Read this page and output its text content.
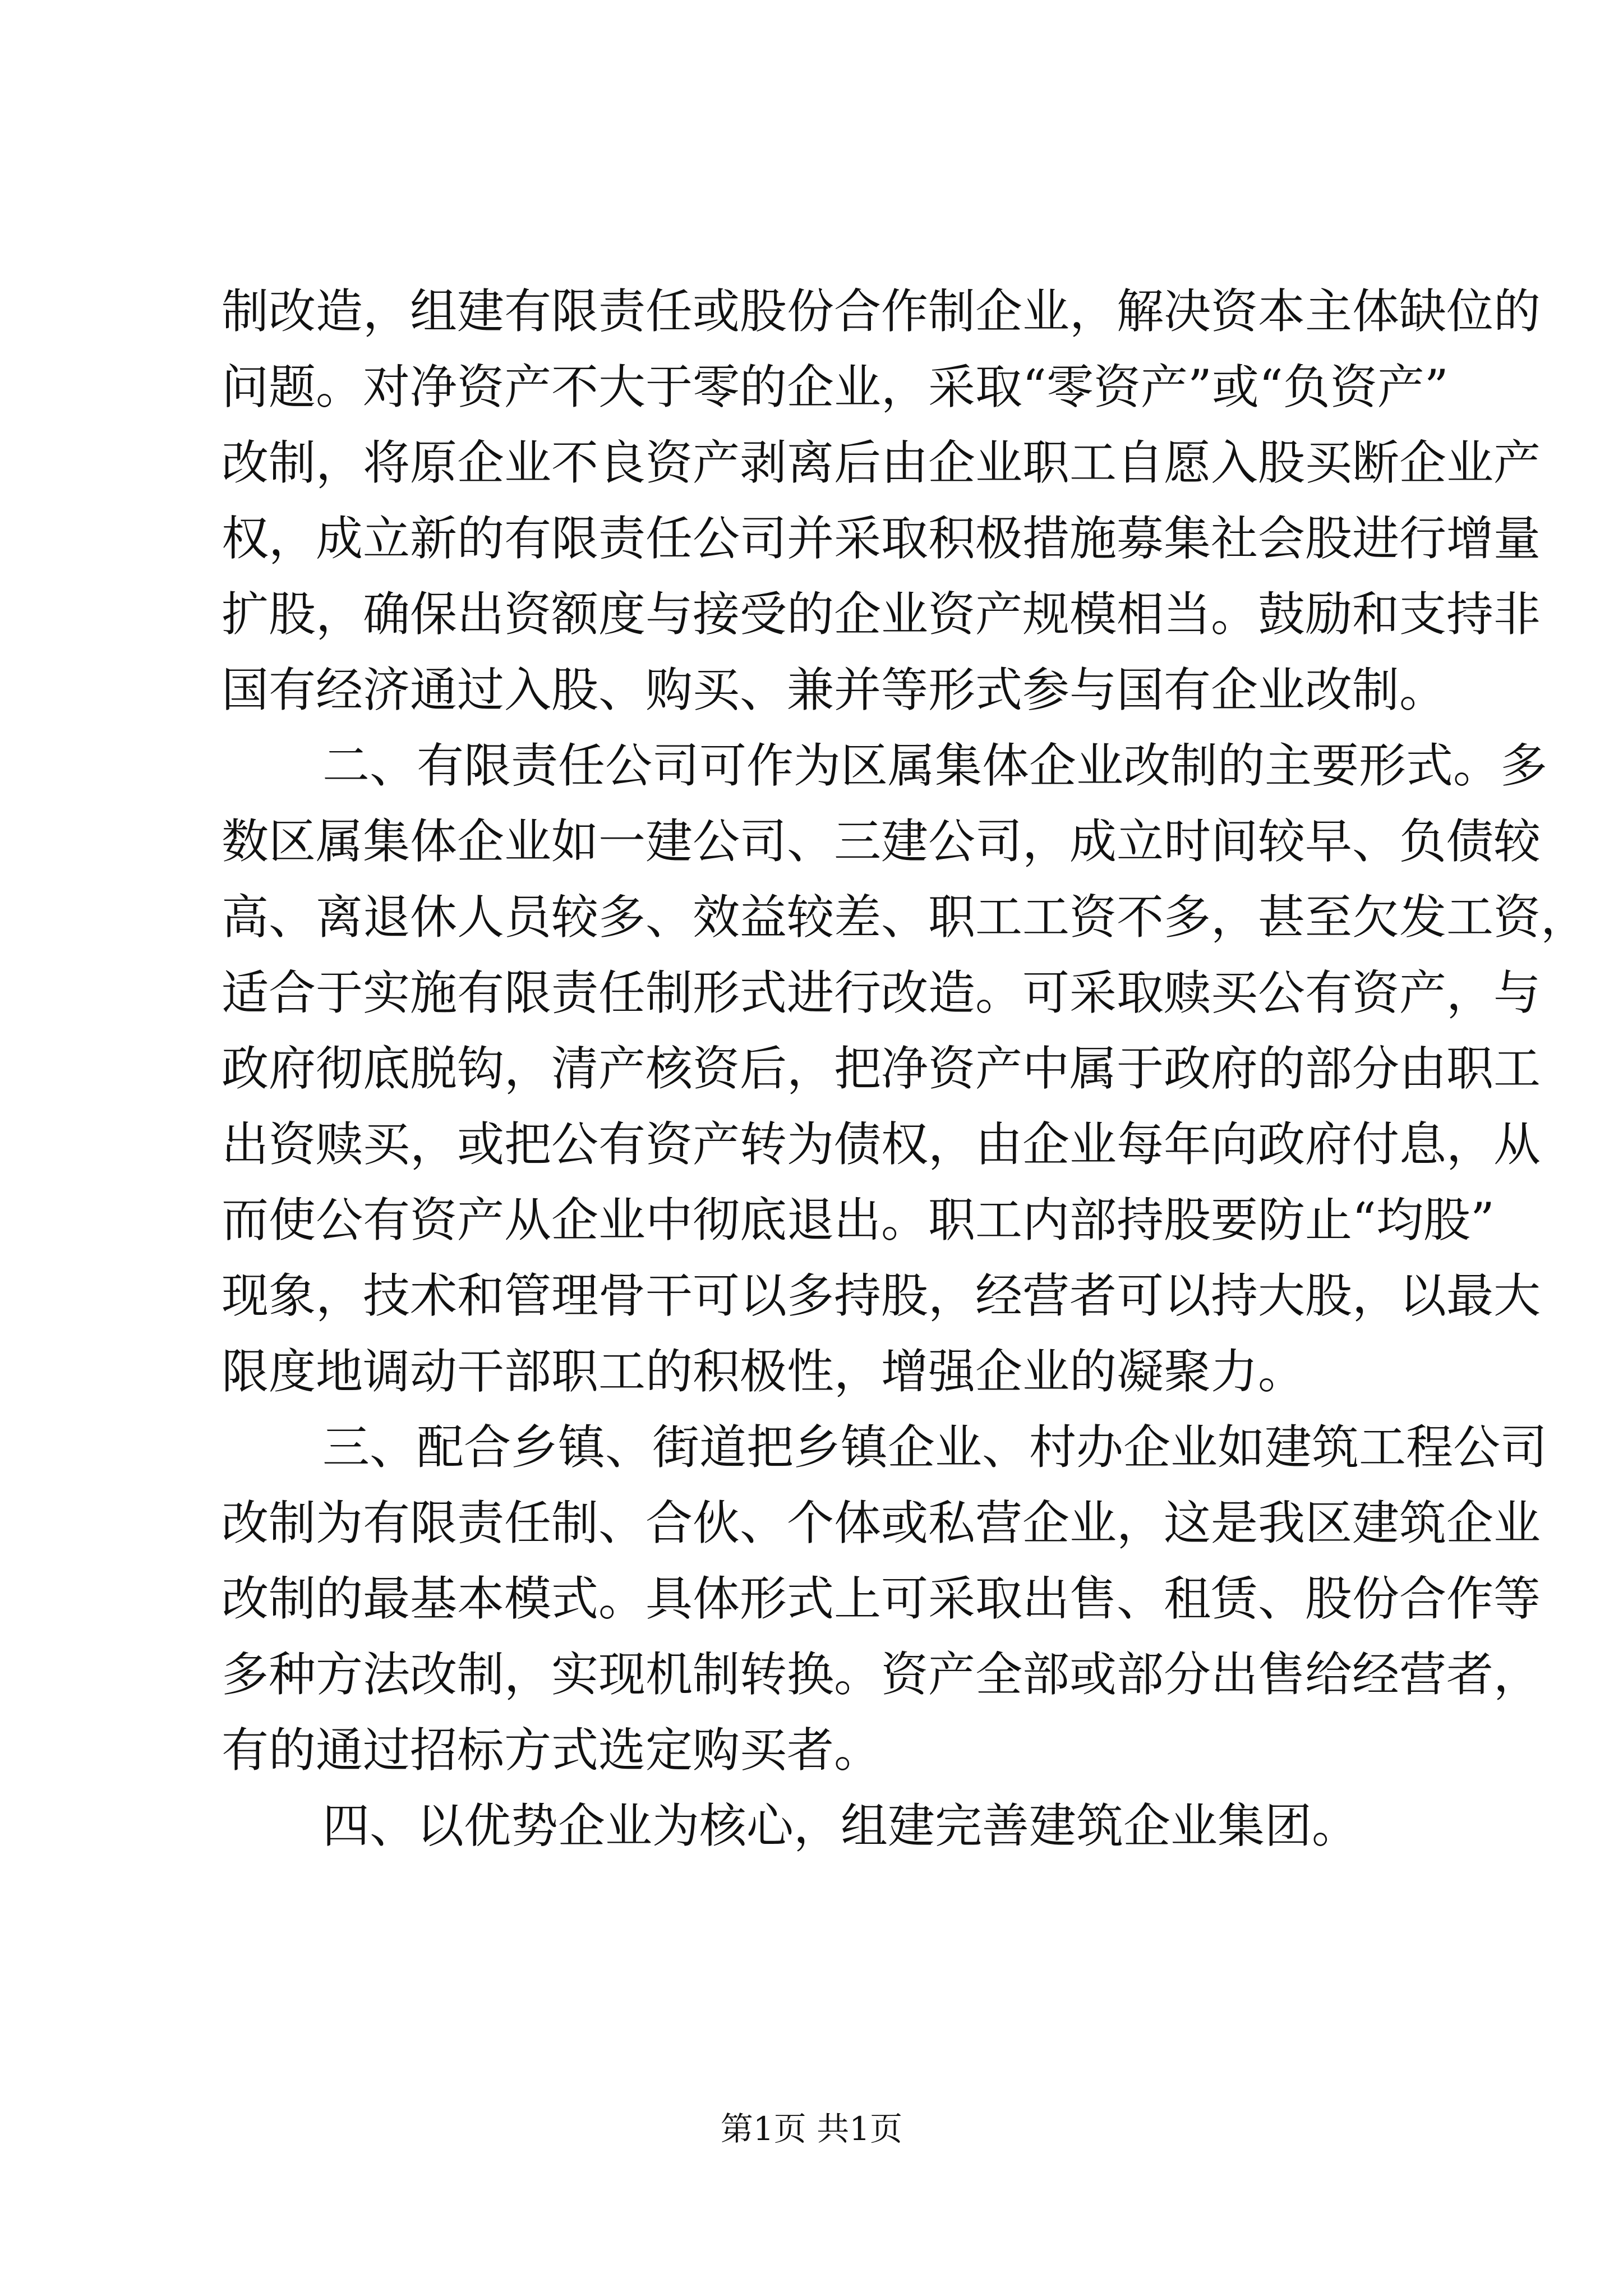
制改造，组建有限责任或股份合作制企业，解决资本主体缺位的
问题。对净资产不大于零的企业，采取“零资产”或“负资产”
改制，将原企业不良资产剥离后由企业职工自愿入股买断企业产
权，成立新的有限责任公司并采取积极措施募集社会股进行增量
扩股，确保出资额度与接受的企业资产规模相当。鼓励和支持非
国有经济通过入股、购买、兼并等形式参与国有企业改制。
二、有限责任公司可作为区属集体企业改制的主要形式。多
数区属集体企业如一建公司、三建公司，成立时间较早、负债较
高、离退休人员较多、效益较差、职工工资不多，甚至欠发工资，
适合于实施有限责任制形式进行改造。可采取赎买公有资产，与
政府彻底脱钩，清产核资后，把净资产中属于政府的部分由职工
出资赎买，或把公有资产转为债权，由企业每年向政府付息，从
而使公有资产从企业中彻底退出。职工内部持股要防止“均股”
现象，技术和管理骨干可以多持股，经营者可以持大股，以最大
限度地调动干部职工的积极性，增强企业的凝聚力。
三、配合乡镇、街道把乡镇企业、村办企业如建筑工程公司
改制为有限责任制、合伙、个体或私营企业，这是我区建筑企业
改制的最基本模式。具体形式上可采取出售、租赁、股份合作等
多种方法改制，实现机制转换。资产全部或部分出售给经营者，
有的通过招标方式选定购买者。
四、以优势企业为核心，组建完善建筑企业集团。
第1页 共1页
